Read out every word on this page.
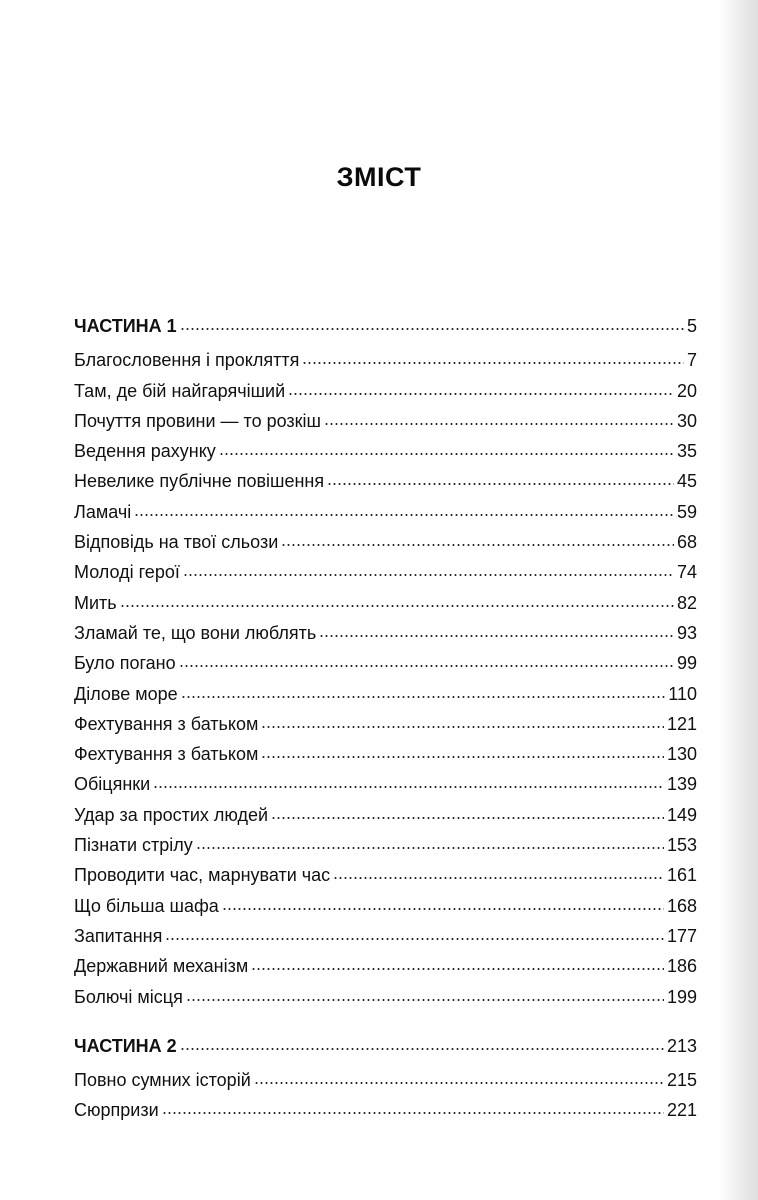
ЗМІСТ
ЧАСТИНА 1	5
Благословення і прокляття	7
Там, де бій найгарячіший	20
Почуття провини — то розкіш	30
Ведення рахунку	35
Невелике публічне повішення	45
Ламачі	59
Відповідь на твої сльози	68
Молоді герої	74
Мить	82
Зламай те, що вони люблять	93
Було погано	99
Ділове море	110
Фехтування з батьком	121
Фехтування з батьком	130
Обіцянки	139
Удар за простих людей	149
Пізнати стрілу	153
Проводити час, марнувати час	161
Що більша шафа	168
Запитання	177
Державний механізм	186
Болючі місця	199
ЧАСТИНА 2	213
Повно сумних історій	215
Сюрпризи	221
